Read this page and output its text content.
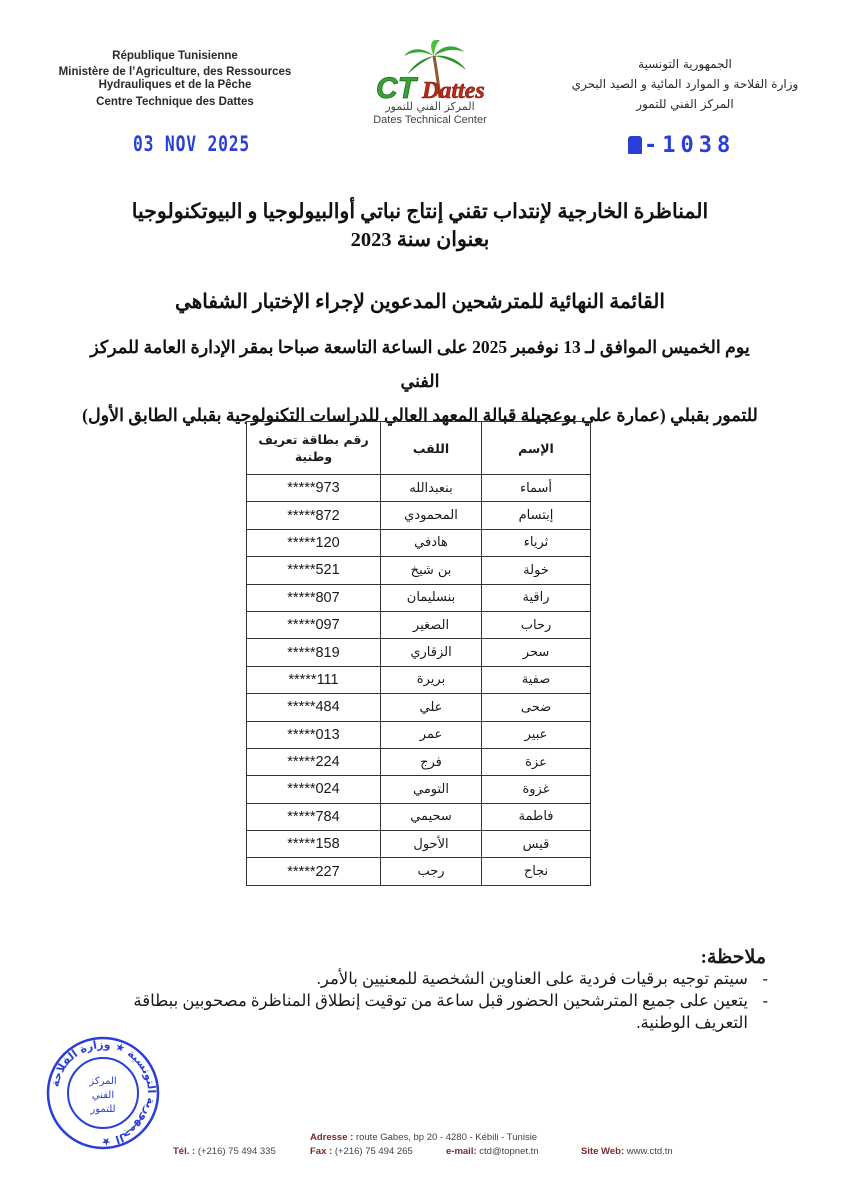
République Tunisienne
Ministère de l’Agriculture, des Ressources
Hydrauliques et de la Pêche
Centre Technique des Dattes	CT Dattes
المركز الفني للتمور
Dates Technical Center
الجمهورية التونسية
وزارة الفلاحة و الموارد المائية و الصيد البحري
المركز الفني للتمور
03 NOV 2025	-1038
المناظرة الخارجية لإنتداب تقني إنتاج نباتي أوالبيولوجيا و البيوتكنولوجيا
بعنوان سنة 2023
القائمة النهائية للمترشحين المدعوين لإجراء الإختبار الشفاهي
يوم الخميس الموافق لـ 13 نوفمبر 2025 على الساعة التاسعة صباحا بمقر الإدارة العامة للمركز الفني
للتمور بقبلي (عمارة علي بوعجيلة قبالة المعهد العالي للدراسات التكنولوجية بقبلي الطابق الأول)
الإسم	اللقب	رقم بطاقة تعريف وطنية
أسماء	بنعبدالله	*****973
إبتسام	المحمودي	*****872
ثرياء	هادفي	*****120
خولة	بن شيخ	*****521
راقية	بنسليمان	*****807
رحاب	الصغير	*****097
سحر	الزقاري	*****819
صفية	بريرة	*****111
ضحى	علي	*****484
عبير	عمر	*****013
عزة	فرج	*****224
غزوة	التومي	*****024
فاطمة	سحيمي	*****784
قيس	الأحول	*****158
نجاح	رجب	*****227
ملاحظة:
-
سيتم توجيه برقيات فردية على العناوين الشخصية للمعنيين بالأمر.
-
يتعين على جميع المترشحين الحضور قبل ساعة من توقيت إنطلاق المناظرة مصحوبين ببطاقة التعريف الوطنية.
الجمهورية التونسية ★ وزارة الفلاحة ★
المركز
الفني
للتمور
Adresse : route Gabes, bp 20 - 4280 - Kébili - Tunisie
Tél. : (+216) 75 494 335	Fax : (+216) 75 494 265	e-mail: ctd@topnet.tn	Site Web: www.ctd.tn
